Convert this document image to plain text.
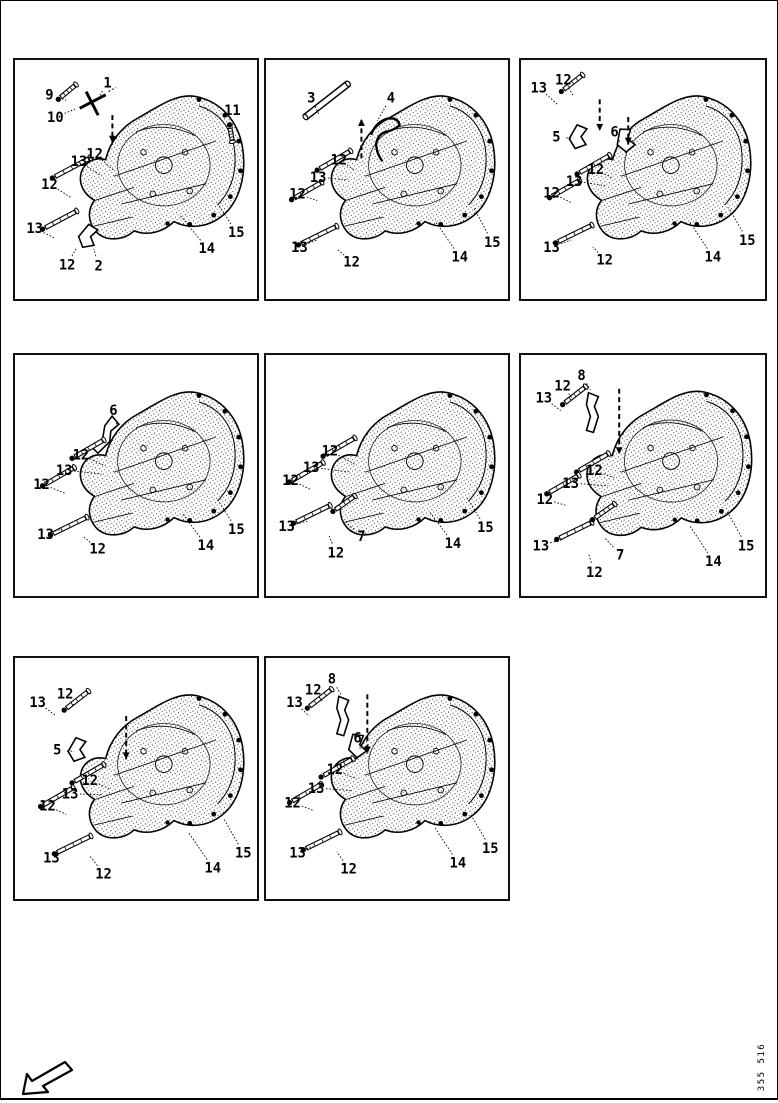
9
10
1
11
13 12
12
13
12 2
14
15
3	4
12
13
12
13
12	14
15
13 12
5	6
12
13
12
13
12	14
15
6
12
13
12
13
12	14
15
12
13
12
13
7
12
14
15
13
12
8
12
13
12
13
7
12
14
15
13
12
5
12
13
12
13
12	14
15
13
12
8
6
12
13
12
13
12	14
15
355 516
